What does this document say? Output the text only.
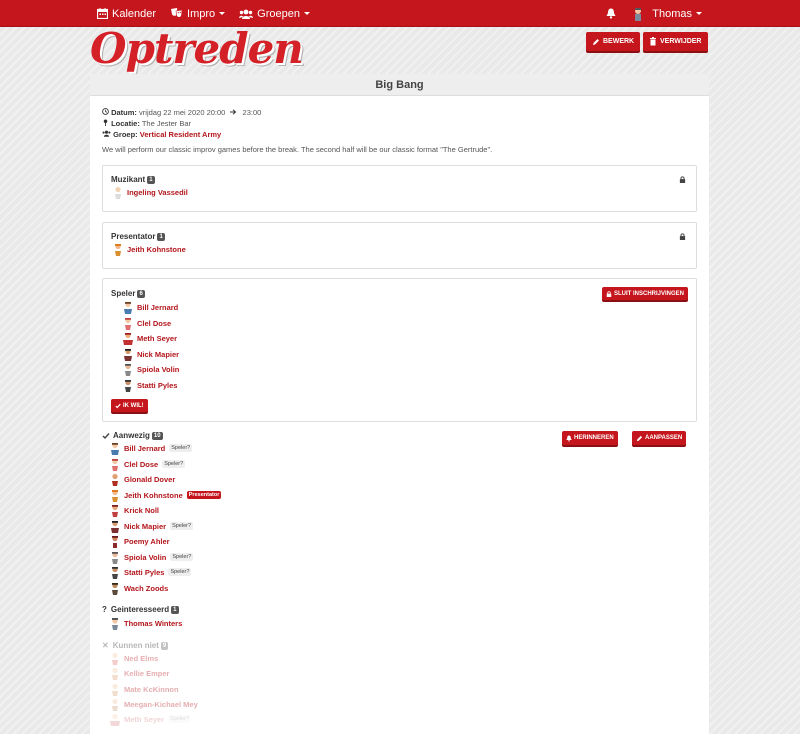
Kalender	Impro	Groepen	Thomas
Optreden	BEWERK	VERWIJDER
Big Bang
Datum: vrijdag 22 mei 2020 20:00 23:00
Locatie: The Jester Bar
Groep: Vertical Resident Army
We will perform our classic improv games before the break. The second half will be our classic format "The Gertrude".
Muzikant 1
Ingeling Vassedil
Presentator 1
Jeith Kohnstone
Speler 6	SLUIT INSCHRIJVINGEN
Bill Jernard
Clel Dose
Meth Seyer
Nick Mapier
Spiola Volin
Statti Pyles
IK WIL!
Aanwezig 10	HERINNEREN	AANPASSEN
Bill Jernard	Speler?
Clel Dose	Speler?
Glonald Dover
Jeith Kohnstone	Presentator
Krick Noll
Nick Mapier	Speler?
Poemy Ahler
Spiola Volin	Speler?
Statti Pyles	Speler?
Wach Zoods
? Geinteresseerd 1
Thomas Winters
✕ Kunnen niet 9
Ned Elms
Kellie Emper
Mate KcKinnon
Meegan-Kichael Mey
Meth Seyer	Speler?
